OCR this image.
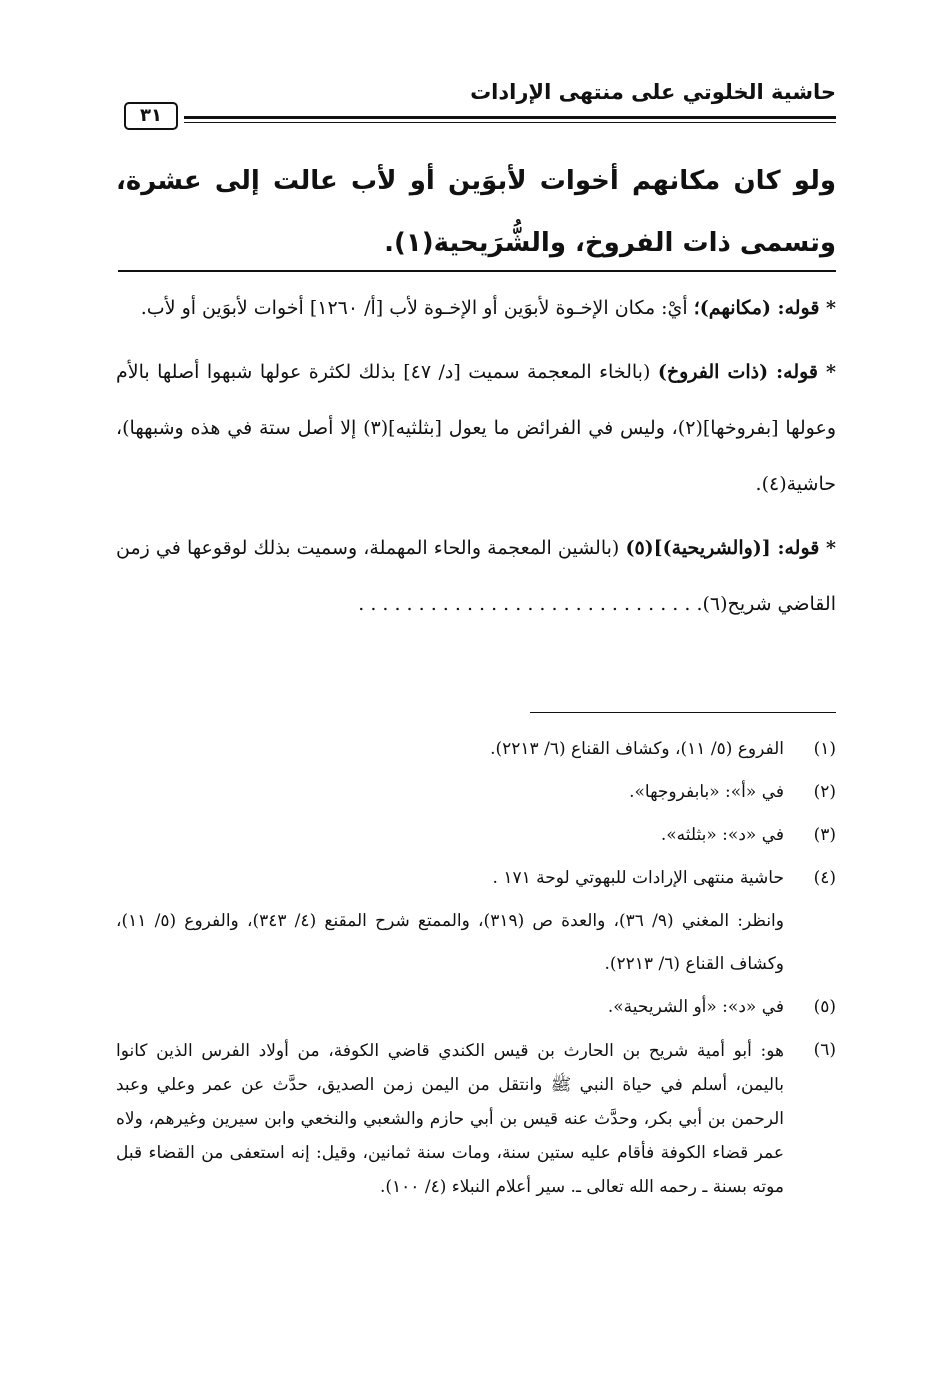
حاشية الخلوتي على منتهى الإرادات
٣١
ولو كان مكانهم أخوات لأبوَين أو لأب عالت إلى عشرة، وتسمى ذات الفروخ، والشُّرَيحية(١).

* قوله: (مكانهم)؛ أيْ: مكان الإخـوة لأبوَين أو الإخـوة لأب [أ/ ١٢٦٠] أخوات لأبوَين أو لأب.

* قوله: (ذات الفروخ) (بالخاء المعجمة سميت [د/ ٤٧] بذلك لكثرة عولها شبهوا أصلها بالأم وعولها [بفروخها](٢)، وليس في الفرائض ما يعول [بثلثيه](٣) إلا أصل ستة في هذه وشبهها)، حاشية(٤).

* قوله: [(والشريحية)](٥) (بالشين المعجمة والحاء المهملة، وسميت بذلك لوقوعها في زمن القاضي شريح(٦). . . . . . . . . . . . . . . . . . . . . . . . . . . . .

(١)
الفروع (٥/ ١١)، وكشاف القناع (٦/ ٢٢١٣).
(٢)
في «أ»: «بابفروجها».
(٣)
في «د»: «بثلثه».
(٤)
حاشية منتهى الإرادات للبهوتي لوحة ١٧١ .
وانظر: المغني (٩/ ٣٦)، والعدة ص (٣١٩)، والممتع شرح المقنع (٤/ ٣٤٣)، والفروع (٥/ ١١)، وكشاف القناع (٦/ ٢٢١٣).
(٥)
في «د»: «أو الشريحية».
(٦)
هو: أبو أمية شريح بن الحارث بن قيس الكندي قاضي الكوفة، من أولاد الفرس الذين كانوا باليمن، أسلم في حياة النبي ﷺ وانتقل من اليمن زمن الصديق، حدَّث عن عمر وعلي وعبد الرحمن بن أبي بكر، وحدَّث عنه قيس بن أبي حازم والشعبي والنخعي وابن سيرين وغيرهم، ولاه عمر قضاء الكوفة فأقام عليه ستين سنة، ومات سنة ثمانين، وقيل: إنه استعفى من القضاء قبل موته بسنة ـ رحمه الله تعالى ـ. سير أعلام النبلاء (٤/ ١٠٠).
